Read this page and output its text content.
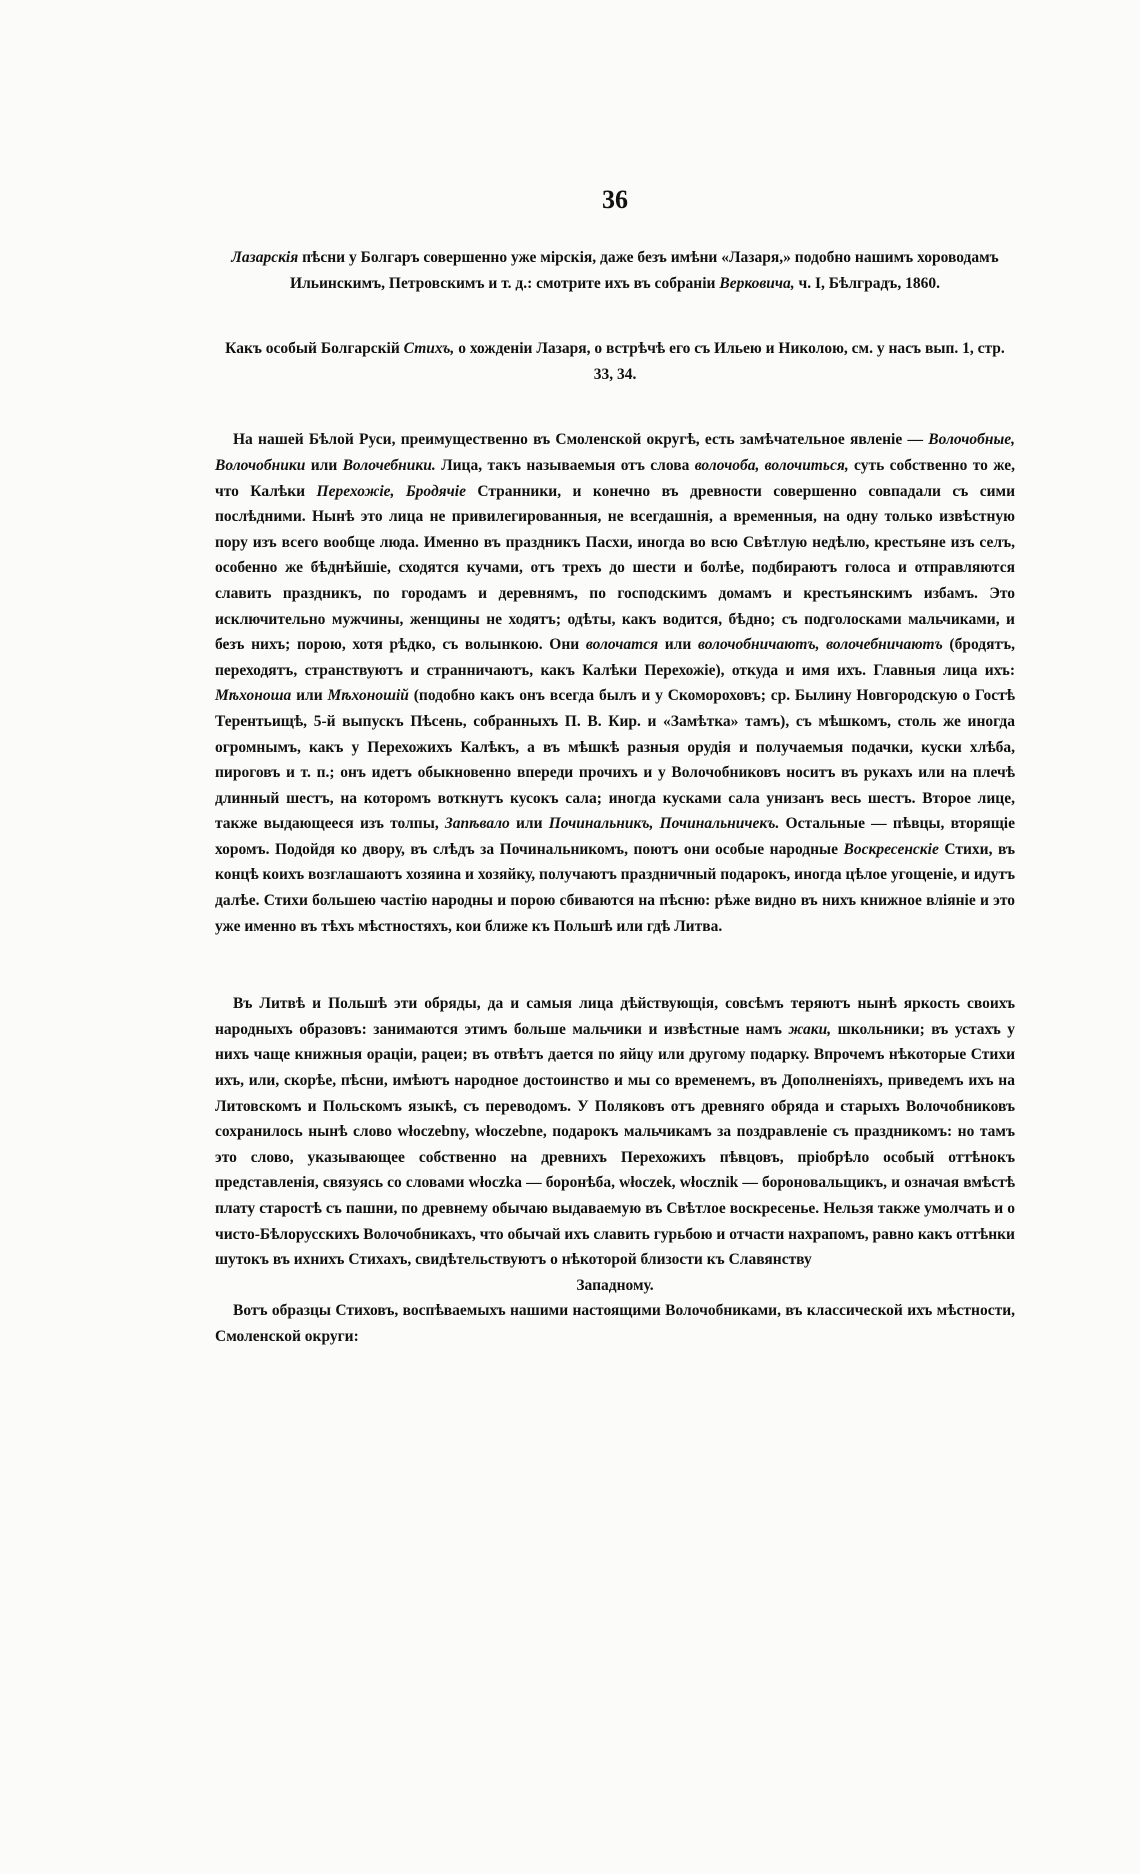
36

Лазарскія пѣсни у Болгаръ совершенно уже мірскія, даже безъ имѣни «Лазаря,» подобно нашимъ хороводамъ Ильинскимъ, Петровскимъ и т. д.: смотрите ихъ въ собраніи Верковича, ч. I, Бѣлградъ, 1860.

Какъ особый Болгарскій Стихъ, о хожденіи Лазаря, о встрѣчѣ его съ Ильею и Николою, см. у насъ вып. 1, стр. 33, 34.

На нашей Бѣлой Руси, преимущественно въ Смоленской округѣ, есть замѣчательное явленіе — Волочобные, Волочобники или Волочебники. Лица, такъ называемыя отъ слова волочоба, волочиться, суть собственно то же, что Калѣки Перехожіе, Бродячіе Странники, и конечно въ древности совершенно совпадали съ сими послѣдними. Нынѣ это лица не привилегированныя, не всегдашнія, а временныя, на одну только извѣстную пору изъ всего вообще люда. Именно въ праздникъ Пасхи, иногда во всю Свѣтлую недѣлю, крестьяне изъ селъ, особенно же бѣднѣйшіе, сходятся кучами, отъ трехъ до шести и болѣе, подбираютъ голоса и отправляются славить праздникъ, по городамъ и деревнямъ, по господскимъ домамъ и крестьянскимъ избамъ. Это исключительно мужчины, женщины не ходятъ; одѣты, какъ водится, бѣдно; съ подголосками мальчиками, и безъ нихъ; порою, хотя рѣдко, съ волынкою. Они волочатся или волочобничаютъ, волочебничаютъ (бродятъ, переходятъ, странствуютъ и странничаютъ, какъ Калѣки Перехожіе), откуда и имя ихъ. Главныя лица ихъ: Мѣхоноша или Мѣхоношій (подобно какъ онъ всегда былъ и у Скомороховъ; ср. Былину Новгородскую о Гостѣ Терентьищѣ, 5-й выпускъ Пѣсень, собранныхъ П. В. Кир. и «Замѣтка» тамъ), съ мѣшкомъ, столь же иногда огромнымъ, какъ у Перехожихъ Калѣкъ, а въ мѣшкѣ разныя орудія и получаемыя подачки, куски хлѣба, пироговъ и т. п.; онъ идетъ обыкновенно впереди прочихъ и у Волочобниковъ носитъ въ рукахъ или на плечѣ длинный шестъ, на которомъ воткнутъ кусокъ сала; иногда кусками сала унизанъ весь шестъ. Второе лице, также выдающееся изъ толпы, Запѣвало или Починальникъ, Починальничекъ. Остальные — пѣвцы, вторящіе хоромъ. Подойдя ко двору, въ слѣдъ за Починальникомъ, поютъ они особые народные Воскресенскіе Стихи, въ концѣ коихъ возглашаютъ хозяина и хозяйку, получаютъ праздничный подарокъ, иногда цѣлое угощеніе, и идутъ далѣе. Стихи большею частію народны и порою сбиваются на пѣсню: рѣже видно въ нихъ книжное вліяніе и это уже именно въ тѣхъ мѣстностяхъ, кои ближе къ Польшѣ или гдѣ Литва.

Въ Литвѣ и Польшѣ эти обряды, да и самыя лица дѣйствующія, совсѣмъ теряютъ нынѣ яркость своихъ народныхъ образовъ: занимаются этимъ больше мальчики и извѣстные намъ жаки, школьники; въ устахъ у нихъ чаще книжныя ораціи, рацеи; въ отвѣтъ дается по яйцу или другому подарку. Впрочемъ нѣкоторые Стихи ихъ, или, скорѣе, пѣсни, имѣютъ народное достоинство и мы со временемъ, въ Дополненіяхъ, приведемъ ихъ на Литовскомъ и Польскомъ языкѣ, съ переводомъ. У Поляковъ отъ древняго обряда и старыхъ Волочобниковъ сохранилось нынѣ слово włoczebny, włoczebne, подарокъ мальчикамъ за поздравленіе съ праздникомъ: но тамъ это слово, указывающее собственно на древнихъ Перехожихъ пѣвцовъ, пріобрѣло особый оттѣнокъ представленія, связуясь со словами włoczka — боронѣба, włoczek, włocznik — бороновальщикъ, и означая вмѣстѣ плату старостѣ съ пашни, по древнему обычаю выдаваемую въ Свѣтлое воскресенье. Нельзя также умолчать и о чисто-Бѣлорусскихъ Волочобникахъ, что обычай ихъ славить гурьбою и отчасти нахрапомъ, равно какъ оттѣнки шутокъ въ ихнихъ Стихахъ, свидѣтельствуютъ о нѣкоторой близости къ Славянству

Западному.

Вотъ образцы Стиховъ, воспѣваемыхъ нашими настоящими Волочобниками, въ классической ихъ мѣстности, Смоленской округи:
